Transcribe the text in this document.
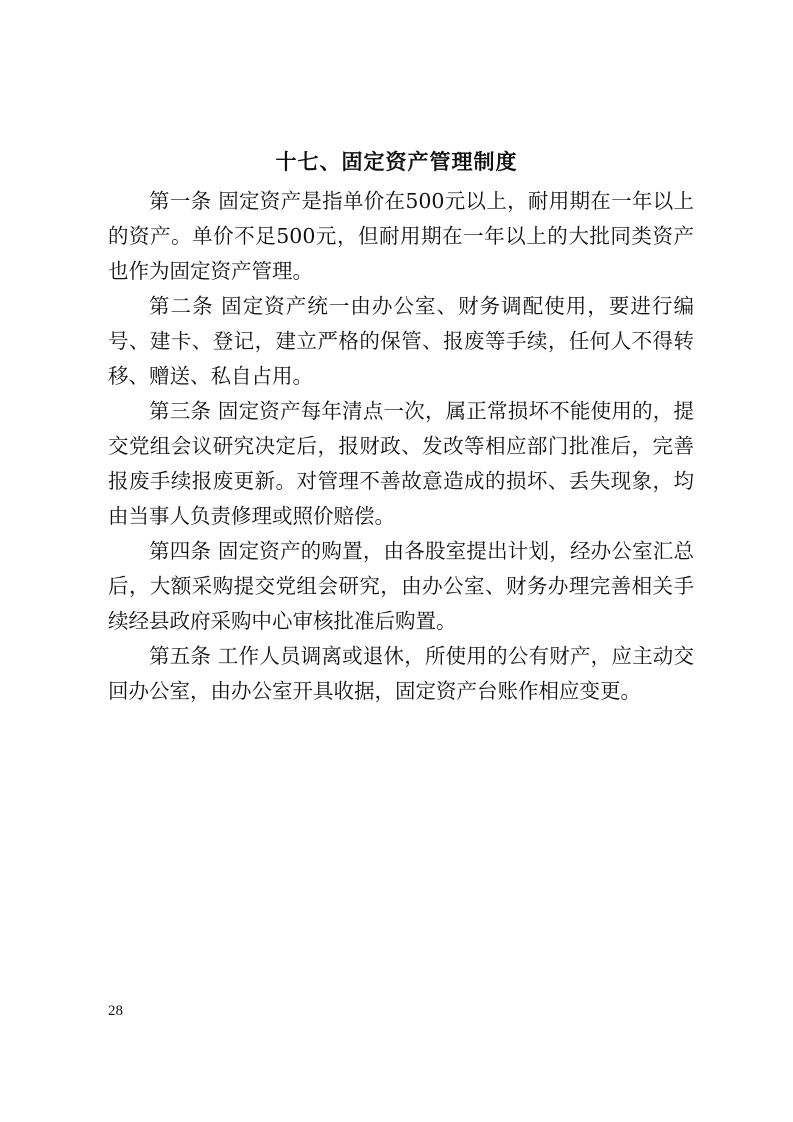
十七、固定资产管理制度

第一条 固定资产是指单价在500元以上，耐用期在一年以上的资产。单价不足500元，但耐用期在一年以上的大批同类资产也作为固定资产管理。

第二条 固定资产统一由办公室、财务调配使用，要进行编号、建卡、登记，建立严格的保管、报废等手续，任何人不得转移、赠送、私自占用。

第三条 固定资产每年清点一次，属正常损坏不能使用的，提交党组会议研究决定后，报财政、发改等相应部门批准后，完善报废手续报废更新。对管理不善故意造成的损坏、丢失现象，均由当事人负责修理或照价赔偿。

第四条 固定资产的购置，由各股室提出计划，经办公室汇总后，大额采购提交党组会研究，由办公室、财务办理完善相关手续经县政府采购中心审核批准后购置。

第五条 工作人员调离或退休，所使用的公有财产，应主动交回办公室，由办公室开具收据，固定资产台账作相应变更。

28
